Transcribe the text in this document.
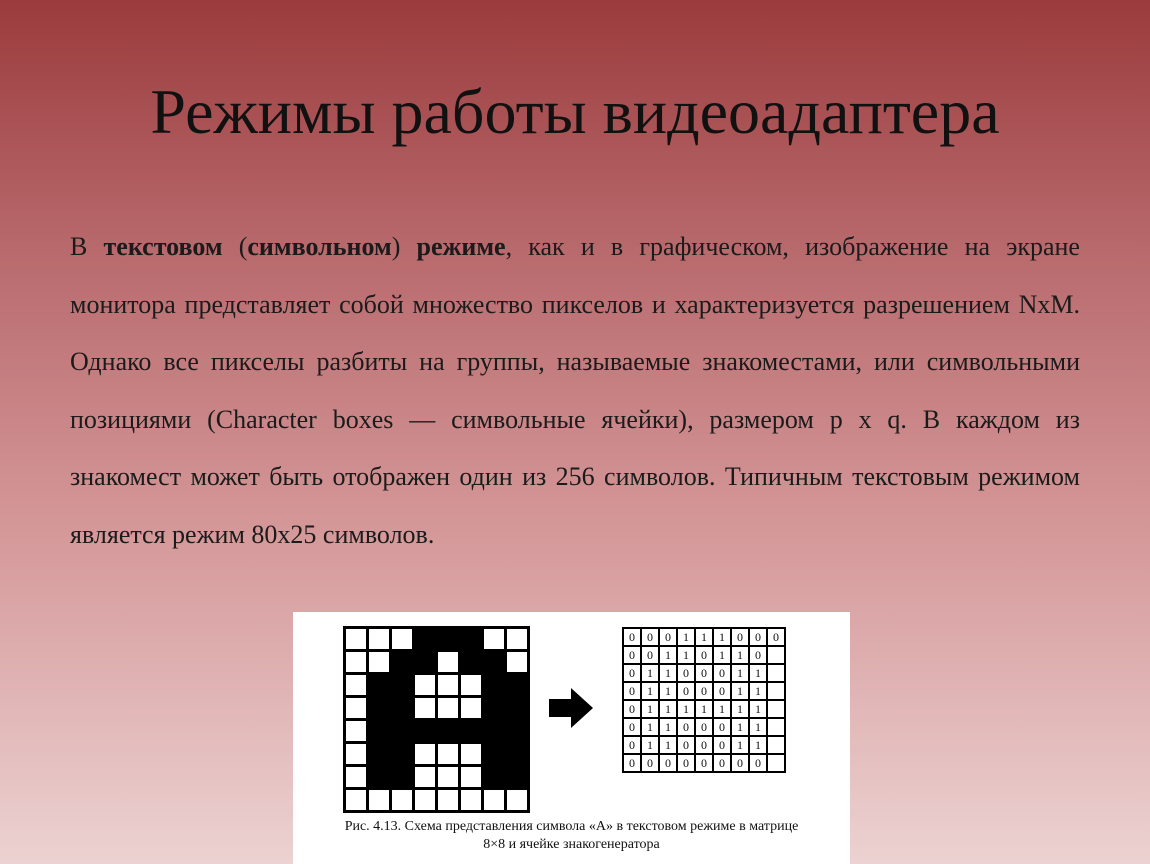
Режимы работы видеоадаптера
В текстовом (символьном) режиме, как и в графическом, изображение на экране монитора представляет собой множество пикселов и характеризуется разрешением NxM. Однако все пикселы разбиты на группы, называемые знакоместами, или символьными позициями (Character boxes — символьные ячейки), размером p x q. В каждом из знакомест может быть отображен один из 256 символов. Типичным текстовым режимом является режим 80x25 символов.
0	0	0	1	1	1	0	0	0
0	0	1	1	0	1	1	0
0	1	1	0	0	0	1	1
0	1	1	0	0	0	1	1
0	1	1	1	1	1	1	1
0	1	1	0	0	0	1	1
0	1	1	0	0	0	1	1
0	0	0	0	0	0	0	0
Рис. 4.13. Схема представления символа «А» в текстовом режиме в матрице
8×8 и ячейке знакогенератора
